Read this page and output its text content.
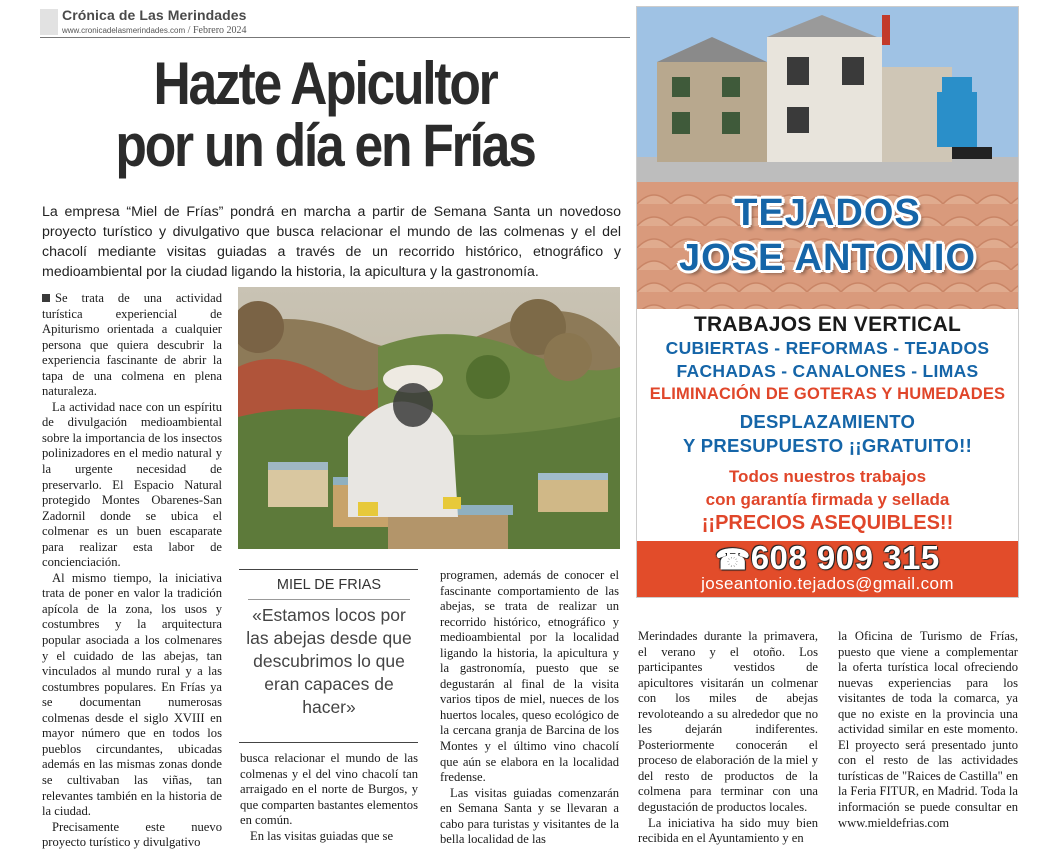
Crónica de Las Merindades
www.cronicadelasmerindades.com / Febrero 2024
Hazte Apicultor
por un día en Frías
La empresa “Miel de Frías” pondrá en marcha a partir de Semana Santa un novedoso proyecto turístico y divulgativo que busca relacionar el mundo de las colmenas y el del chacolí mediante visitas guiadas a través de un recorrido histórico, etnográfico y medioambiental por la ciudad ligando la historia, la apicultura y la gastronomía.

Se trata de una actividad turística experiencial de Apiturismo orientada a cualquier persona que quiera descubrir la experiencia fascinante de abrir la tapa de una colmena en plena naturaleza.

La actividad nace con un espíritu de divulgación medioambiental sobre la importancia de los insectos polinizadores en el medio natural y la urgente necesidad de preservarlo. El Espacio Natural protegido Montes Obarenes-San Zadornil donde se ubica el colmenar es un buen escaparate para realizar esta labor de concienciación.

Al mismo tiempo, la iniciativa trata de poner en valor la tradición apícola de la zona, los usos y costumbres y la arquitectura popular asociada a los colmenares y el cuidado de las abejas, tan vinculados al mundo rural y a las costumbres populares. En Frías ya se documentan numerosas colmenas desde el siglo XVIII en mayor número que en todos los pueblos circundantes, ubicadas además en las mismas zonas donde se cultivaban las viñas, tan relevantes también en la historia de la ciudad.

Precisamente este nuevo proyecto turístico y divulgativo

MIEL DE FRIAS
«Estamos locos por las abejas desde que descubrimos lo que eran capaces de hacer»

busca relacionar el mundo de las colmenas y el del vino chacolí tan arraigado en el norte de Burgos, y que comparten bastantes elementos en común.

En las visitas guiadas que se

programen, además de conocer el fascinante comportamiento de las abejas, se trata de realizar un recorrido histórico, etnográfico y medioambiental por la localidad ligando la historia, la apicultura y la gastronomía, puesto que se degustarán al final de la visita varios tipos de miel, nueces de los huertos locales, queso ecológico de la cercana granja de Barcina de los Montes y el último vino chacolí que aún se elabora en la localidad fredense.

Las visitas guiadas comenzarán en Semana Santa y se llevaran a cabo para turistas y visitantes de la bella localidad de las

Merindades durante la primavera, el verano y el otoño. Los participantes vestidos de apicultores visitarán un colmenar con los miles de abejas revoloteando a su alrededor que no les dejarán indiferentes. Posteriormente conocerán el proceso de elaboración de la miel y del resto de productos de la colmena para terminar con una degustación de productos locales.

La iniciativa ha sido muy bien recibida en el Ayuntamiento y en

la Oficina de Turismo de Frías, puesto que viene a complementar la oferta turística local ofreciendo nuevas experiencias para los visitantes de toda la comarca, ya que no existe en la provincia una actividad similar en este momento. El proyecto será presentado junto con el resto de las actividades turísticas de "Raices de Castilla" en la Feria FITUR, en Madrid. Toda la información se puede consultar en www.mieldefrias.com

TEJADOS
JOSE ANTONIO
TRABAJOS EN VERTICAL
CUBIERTAS - REFORMAS - TEJADOS
FACHADAS - CANALONES - LIMAS
ELIMINACIÓN DE GOTERAS Y HUMEDADES
DESPLAZAMIENTO
Y PRESUPUESTO ¡¡GRATUITO!!
Todos nuestros trabajos
con garantía firmada y sellada
¡¡PRECIOS ASEQUIBLES!!
☎608 909 315
joseantonio.tejados@gmail.com
